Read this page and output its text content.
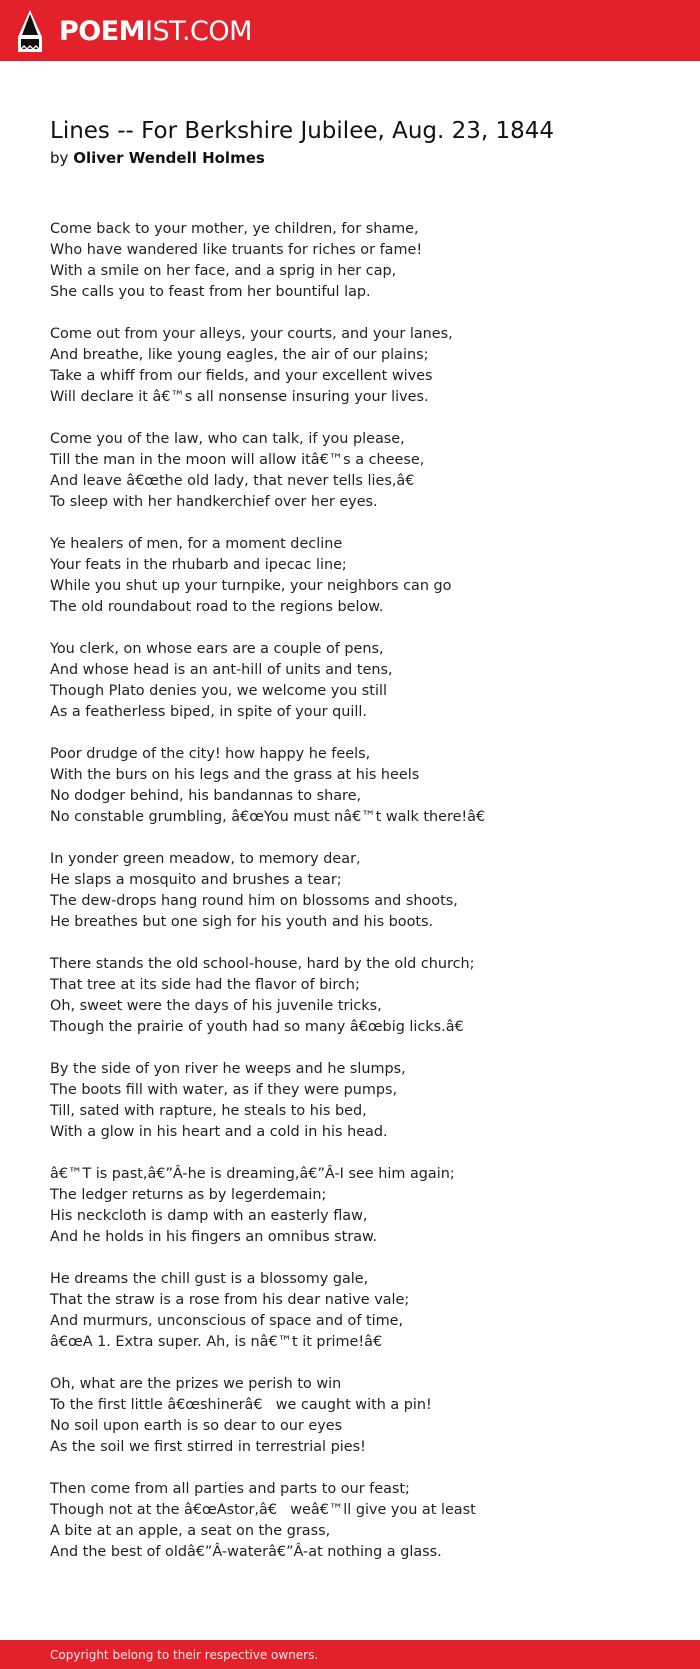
POEMIST.COM
Lines -- For Berkshire Jubilee, Aug. 23, 1844
by Oliver Wendell Holmes
Come back to your mother, ye children, for shame,
Who have wandered like truants for riches or fame!
With a smile on her face, and a sprig in her cap,
She calls you to feast from her bountiful lap.
Come out from your alleys, your courts, and your lanes,
And breathe, like young eagles, the air of our plains;
Take a whiff from our fields, and your excellent wives
Will declare it â€™s all nonsense insuring your lives.
Come you of the law, who can talk, if you please,
Till the man in the moon will allow itâ€™s a cheese,
And leave â€œthe old lady, that never tells lies,â€
To sleep with her handkerchief over her eyes.
Ye healers of men, for a moment decline
Your feats in the rhubarb and ipecac line;
While you shut up your turnpike, your neighbors can go
The old roundabout road to the regions below.
You clerk, on whose ears are a couple of pens,
And whose head is an ant-hill of units and tens,
Though Plato denies you, we welcome you still
As a featherless biped, in spite of your quill.
Poor drudge of the city! how happy he feels,
With the burs on his legs and the grass at his heels
No dodger behind, his bandannas to share,
No constable grumbling, â€œYou must nâ€™t walk there!â€
In yonder green meadow, to memory dear,
He slaps a mosquito and brushes a tear;
The dew-drops hang round him on blossoms and shoots,
He breathes but one sigh for his youth and his boots.
There stands the old school-house, hard by the old church;
That tree at its side had the flavor of birch;
Oh, sweet were the days of his juvenile tricks,
Though the prairie of youth had so many â€œbig licks.â€
By the side of yon river he weeps and he slumps,
The boots fill with water, as if they were pumps,
Till, sated with rapture, he steals to his bed,
With a glow in his heart and a cold in his head.
â€™T is past,â€”Â-he is dreaming,â€”Â-I see him again;
The ledger returns as by legerdemain;
His neckcloth is damp with an easterly flaw,
And he holds in his fingers an omnibus straw.
He dreams the chill gust is a blossomy gale,
That the straw is a rose from his dear native vale;
And murmurs, unconscious of space and of time,
â€œA 1. Extra super. Ah, is nâ€™t it prime!â€
Oh, what are the prizes we perish to win
To the first little â€œshinerâ€ we caught with a pin!
No soil upon earth is so dear to our eyes
As the soil we first stirred in terrestrial pies!
Then come from all parties and parts to our feast;
Though not at the â€œAstor,â€ weâ€™ll give you at least
A bite at an apple, a seat on the grass,
And the best of oldâ€”Â-waterâ€”Â-at nothing a glass.
Copyright belong to their respective owners.
